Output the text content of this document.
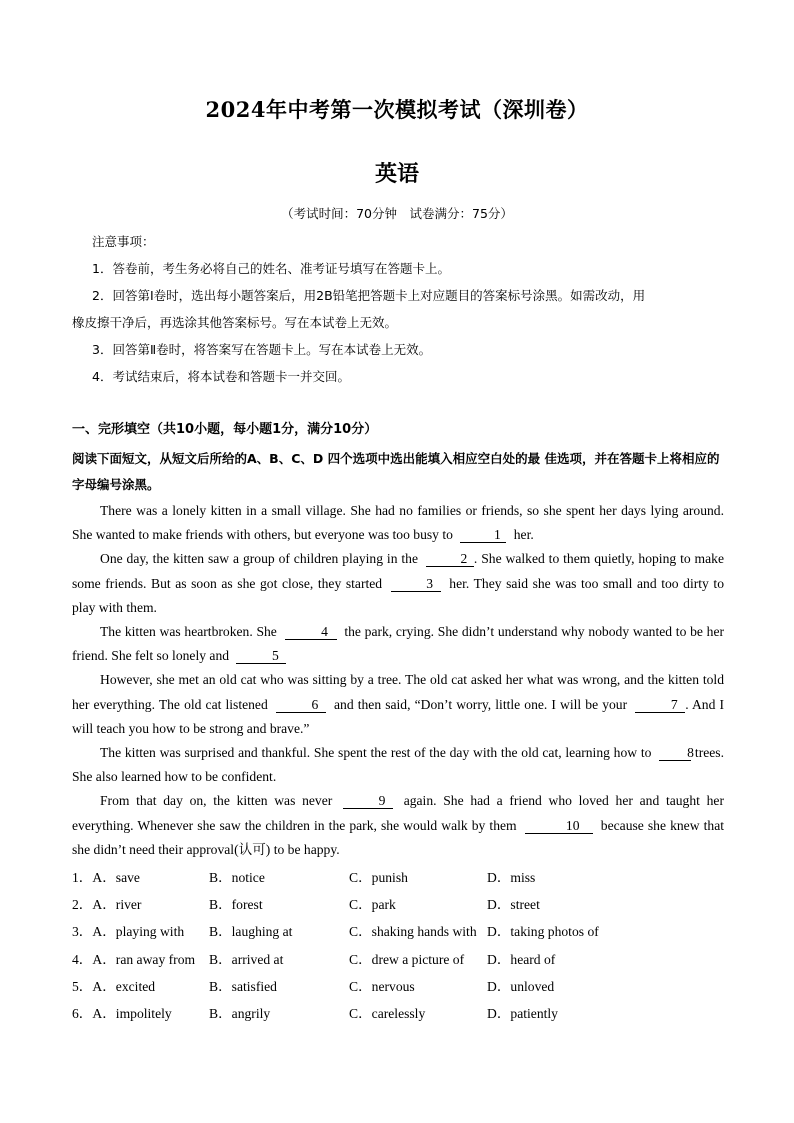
2024年中考第一次模拟考试（深圳卷）
英语
（考试时间：70分钟　试卷满分：75分）

注意事项：

1．答卷前，考生务必将自己的姓名、准考证号填写在答题卡上。

2．回答第Ⅰ卷时，选出每小题答案后，用2B铅笔把答题卡上对应题目的答案标号涂黑。如需改动，用

橡皮擦干净后，再选涂其他答案标号。写在本试卷上无效。

3．回答第Ⅱ卷时，将答案写在答题卡上。写在本试卷上无效。

4．考试结束后，将本试卷和答题卡一并交回。

一、完形填空（共10小题，每小题1分，满分10分）
阅读下面短文，从短文后所给的A、B、C、D 四个选项中选出能填入相应空白处的最 佳选项，并在答题卡上将相应的字母编号涂黑。

There was a lonely kitten in a small village. She had no families or friends, so she spent her days lying around. She wanted to make friends with others, but everyone was too busy to	1 her.

One day, the kitten saw a group of children playing in the	2 . She walked to them quietly, hoping to make some friends. But as soon as she got close, they started	3 her. They said she was too small and too dirty to play with them.

The kitten was heartbroken. She	4 the park, crying. She didn’t understand why nobody wanted to be her friend. She felt so lonely and	5

However, she met an old cat who was sitting by a tree. The old cat asked her what was wrong, and the kitten told her everything. The old cat listened	6 and then said, “Don’t worry, little one. I will be your	7 . And I will teach you how to be strong and brave.”

The kitten was surprised and thankful. She spent the rest of the day with the old cat, learning how to	8 trees. She also learned how to be confident.

From that day on, the kitten was never	9 again. She had a friend who loved her and taught her everything. Whenever she saw the children in the park, she would walk by them	10 because she knew that she didn’t need their approval(认可) to be happy.

1．A．save	B．notice	C．punish	D．miss
2．A．river	B．forest	C．park	D．street
3．A．playing with B．laughing at	C．shaking hands with D．taking photos of
4．A．ran away from B．arrived at	C．drew a picture of D．heard of
5．A．excited	B．satisfied	C．nervous	D．unloved
6．A．impolitely	B．angrily	C．carelessly	D．patiently
